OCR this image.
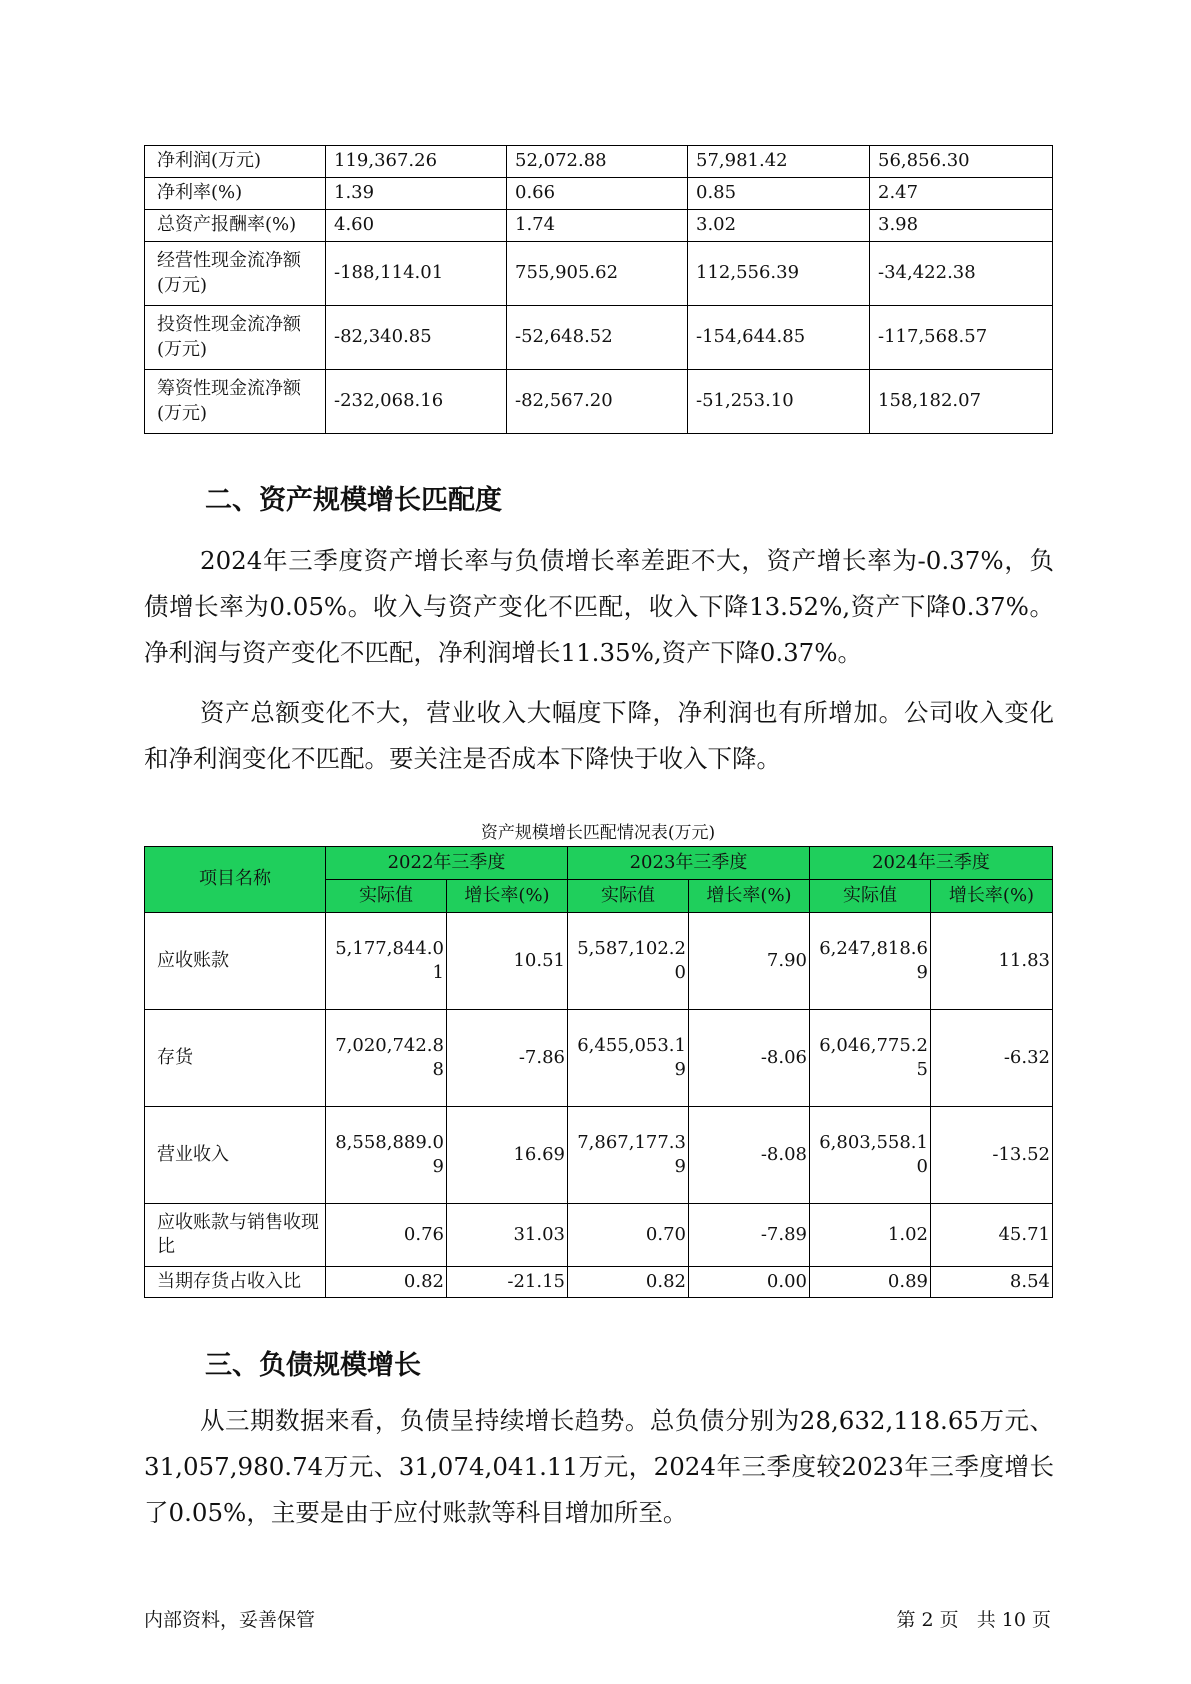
净利润(万元)	119,367.26	52,072.88	57,981.42	56,856.30
净利率(%)	1.39	0.66	0.85	2.47
总资产报酬率(%)	4.60	1.74	3.02	3.98
经营性现金流净额(万元)	-188,114.01	755,905.62	112,556.39	-34,422.38
投资性现金流净额(万元)	-82,340.85	-52,648.52	-154,644.85	-117,568.57
筹资性现金流净额(万元)	-232,068.16	-82,567.20	-51,253.10	158,182.07
二、资产规模增长匹配度

2024年三季度资产增长率与负债增长率差距不大，资产增长率为-0.37%，负债增长率为0.05%。收入与资产变化不匹配，收入下降13.52%,资产下降0.37%。净利润与资产变化不匹配，净利润增长11.35%,资产下降0.37%。

资产总额变化不大，营业收入大幅度下降，净利润也有所增加。公司收入变化和净利润变化不匹配。要关注是否成本下降快于收入下降。

资产规模增长匹配情况表(万元)

项目名称	2022年三季度		2023年三季度		2024年三季度	
	实际值	增长率(%)	实际值	增长率(%)	实际值	增长率(%)
应收账款	5,177,844.01	10.51	5,587,102.20	7.90	6,247,818.69	11.83
存货	7,020,742.88	-7.86	6,455,053.19	-8.06	6,046,775.25	-6.32
营业收入	8,558,889.09	16.69	7,867,177.39	-8.08	6,803,558.10	-13.52
应收账款与销售收现比	0.76	31.03	0.70	-7.89	1.02	45.71
当期存货占收入比	0.82	-21.15	0.82	0.00	0.89	8.54
三、负债规模增长

从三期数据来看，负债呈持续增长趋势。总负债分别为28,632,118.65万元、31,057,980.74万元、31,074,041.11万元，2024年三季度较2023年三季度增长了0.05%，主要是由于应付账款等科目增加所至。

内部资料，妥善保管	第 2 页   共 10 页
